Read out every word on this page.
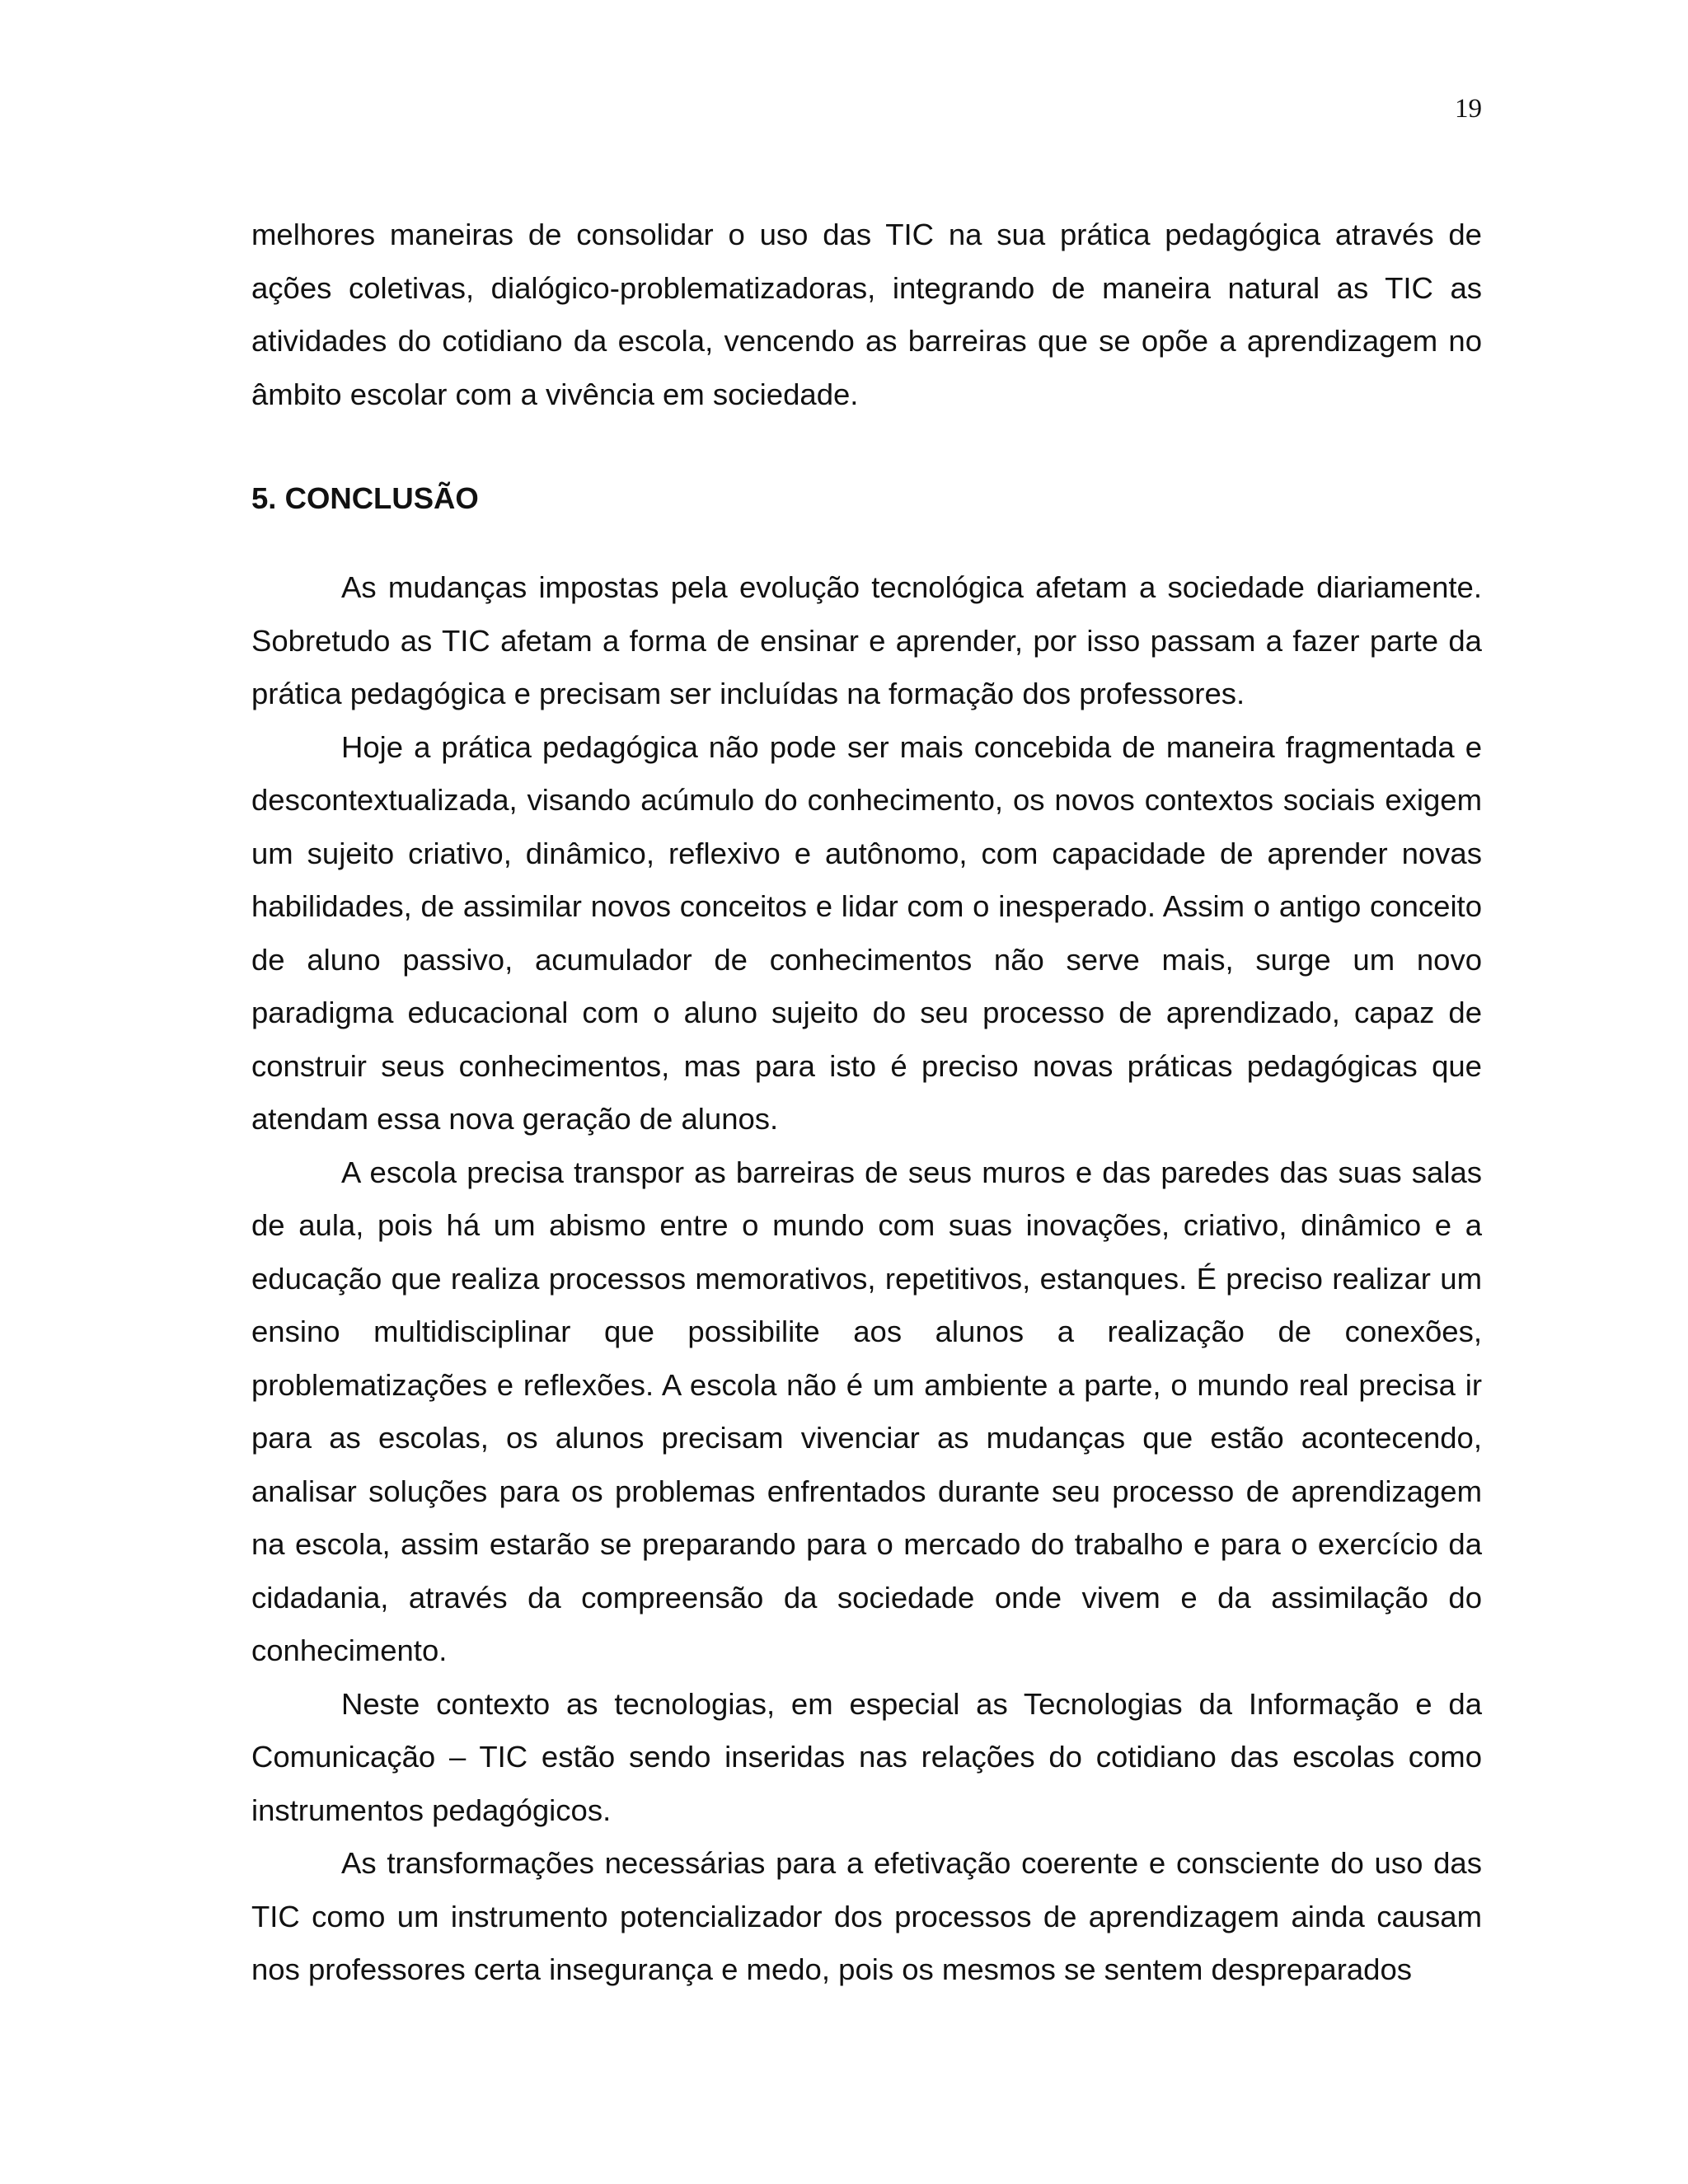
19

melhores maneiras de consolidar o uso das TIC na sua prática pedagógica através de ações coletivas, dialógico-problematizadoras, integrando de maneira natural as TIC as atividades do cotidiano da escola, vencendo as barreiras que se opõe a aprendizagem no âmbito escolar com a vivência em sociedade.

5. CONCLUSÃO

As mudanças impostas pela evolução tecnológica afetam a sociedade diariamente. Sobretudo as TIC afetam a forma de ensinar e aprender, por isso passam a fazer parte da prática pedagógica e precisam ser incluídas na formação dos professores.

Hoje a prática pedagógica não pode ser mais concebida de maneira fragmentada e descontextualizada, visando acúmulo do conhecimento, os novos contextos sociais exigem um sujeito criativo, dinâmico, reflexivo e autônomo, com capacidade de aprender novas habilidades, de assimilar novos conceitos e lidar com o inesperado. Assim o antigo conceito de aluno passivo, acumulador de conhecimentos não serve mais, surge um novo paradigma educacional com o aluno sujeito do seu processo de aprendizado, capaz de construir seus conhecimentos, mas para isto é preciso novas práticas pedagógicas que atendam essa nova geração de alunos.

A escola precisa transpor as barreiras de seus muros e das paredes das suas salas de aula, pois há um abismo entre o mundo com suas inovações, criativo, dinâmico e a educação que realiza processos memorativos, repetitivos, estanques. É preciso realizar um ensino multidisciplinar que possibilite aos alunos a realização de conexões, problematizações e reflexões. A escola não é um ambiente a parte, o mundo real precisa ir para as escolas, os alunos precisam vivenciar as mudanças que estão acontecendo, analisar soluções para os problemas enfrentados durante seu processo de aprendizagem na escola, assim estarão se preparando para o mercado do trabalho e para o exercício da cidadania, através da compreensão da sociedade onde vivem e da assimilação do conhecimento.

Neste contexto as tecnologias, em especial as Tecnologias da Informação e da Comunicação – TIC estão sendo inseridas nas relações do cotidiano das escolas como instrumentos pedagógicos.

As transformações necessárias para a efetivação coerente e consciente do uso das TIC como um instrumento potencializador dos processos de aprendizagem ainda causam nos professores certa insegurança e medo, pois os mesmos se sentem despreparados
